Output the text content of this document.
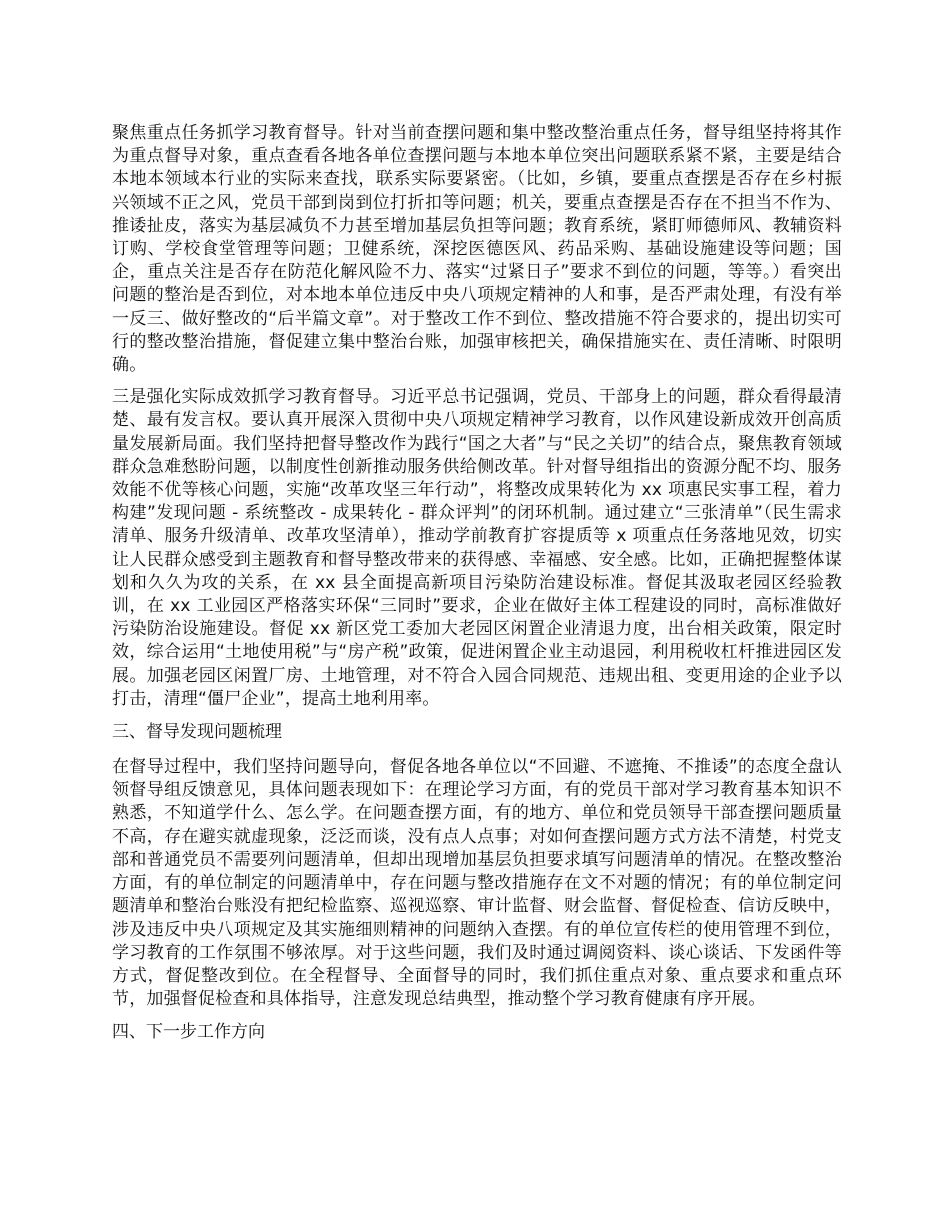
聚焦重点任务抓学习教育督导。针对当前查摆问题和集中整改整治重点任务，督导组坚持将其作为重点督导对象，重点查看各地各单位查摆问题与本地本单位突出问题联系紧不紧，主要是结合本地本领域本行业的实际来查找，联系实际要紧密。（比如，乡镇，要重点查摆是否存在乡村振兴领域不正之风，党员干部到岗到位打折扣等问题；机关，要重点查摆是否存在不担当不作为、推诿扯皮，落实为基层减负不力甚至增加基层负担等问题；教育系统，紧盯师德师风、教辅资料订购、学校食堂管理等问题；卫健系统，深挖医德医风、药品采购、基础设施建设等问题；国企，重点关注是否存在防范化解风险不力、落实“过紧日子”要求不到位的问题，等等。）看突出问题的整治是否到位，对本地本单位违反中央八项规定精神的人和事，是否严肃处理，有没有举一反三、做好整改的“后半篇文章”。对于整改工作不到位、整改措施不符合要求的，提出切实可行的整改整治措施，督促建立集中整治台账，加强审核把关，确保措施实在、责任清晰、时限明确。

三是强化实际成效抓学习教育督导。习近平总书记强调，党员、干部身上的问题，群众看得最清楚、最有发言权。要认真开展深入贯彻中央八项规定精神学习教育，以作风建设新成效开创高质量发展新局面。我们坚持把督导整改作为践行“国之大者”与“民之关切”的结合点，聚焦教育领域群众急难愁盼问题，以制度性创新推动服务供给侧改革。针对督导组指出的资源分配不均、服务效能不优等核心问题，实施“改革攻坚三年行动”，将整改成果转化为 xx 项惠民实事工程，着力构建”发现问题 - 系统整改 - 成果转化 - 群众评判”的闭环机制。通过建立“三张清单”（民生需求清单、服务升级清单、改革攻坚清单），推动学前教育扩容提质等 x 项重点任务落地见效，切实让人民群众感受到主题教育和督导整改带来的获得感、幸福感、安全感。比如，正确把握整体谋划和久久为攻的关系，在 xx 县全面提高新项目污染防治建设标准。督促其汲取老园区经验教训，在 xx 工业园区严格落实环保“三同时”要求，企业在做好主体工程建设的同时，高标准做好污染防治设施建设。督促 xx 新区党工委加大老园区闲置企业清退力度，出台相关政策，限定时效，综合运用“土地使用税”与“房产税”政策，促进闲置企业主动退园，利用税收杠杆推进园区发展。加强老园区闲置厂房、土地管理，对不符合入园合同规范、违规出租、变更用途的企业予以打击，清理“僵尸企业”，提高土地利用率。

三、督导发现问题梳理

在督导过程中，我们坚持问题导向，督促各地各单位以“不回避、不遮掩、不推诿”的态度全盘认领督导组反馈意见，具体问题表现如下：在理论学习方面，有的党员干部对学习教育基本知识不熟悉，不知道学什么、怎么学。在问题查摆方面，有的地方、单位和党员领导干部查摆问题质量不高，存在避实就虚现象，泛泛而谈，没有点人点事；对如何查摆问题方式方法不清楚，村党支部和普通党员不需要列问题清单，但却出现增加基层负担要求填写问题清单的情况。在整改整治方面，有的单位制定的问题清单中，存在问题与整改措施存在文不对题的情况；有的单位制定问题清单和整治台账没有把纪检监察、巡视巡察、审计监督、财会监督、督促检查、信访反映中，涉及违反中央八项规定及其实施细则精神的问题纳入查摆。有的单位宣传栏的使用管理不到位，学习教育的工作氛围不够浓厚。对于这些问题，我们及时通过调阅资料、谈心谈话、下发函件等方式，督促整改到位。在全程督导、全面督导的同时，我们抓住重点对象、重点要求和重点环节，加强督促检查和具体指导，注意发现总结典型，推动整个学习教育健康有序开展。

四、下一步工作方向
